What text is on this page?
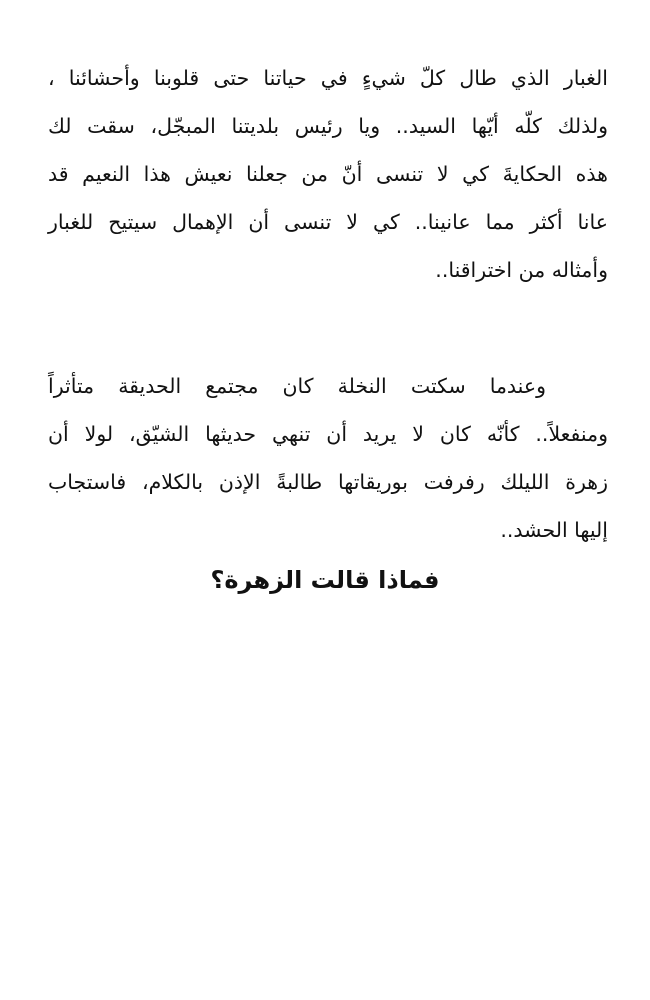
الغبار الذي طال كلّ شيءٍ في حياتنا حتى قلوبنا وأحشائنا ،
ولذلك كلّه أيّها السيد.. ويا رئيس بلديتنا المبجّل، سقت لك
هذه الحكايةَ كي لا تنسى أنّ من جعلنا نعيش هذا النعيم قد
عانا أكثر مما عانينا.. كي لا تنسى أن الإهمال سيتيح للغبار
وأمثاله من اختراقنا..
وعندما سكتت النخلة كان مجتمع الحديقة متأثراً
ومنفعلاً.. كأنّه كان لا يريد أن تنهي حديثها الشيّق، لولا أن
زهرة الليلك رفرفت بوريقاتها طالبةً الإذن بالكلام، فاستجاب
إليها الحشد..
فماذا قالت الزهرة؟
